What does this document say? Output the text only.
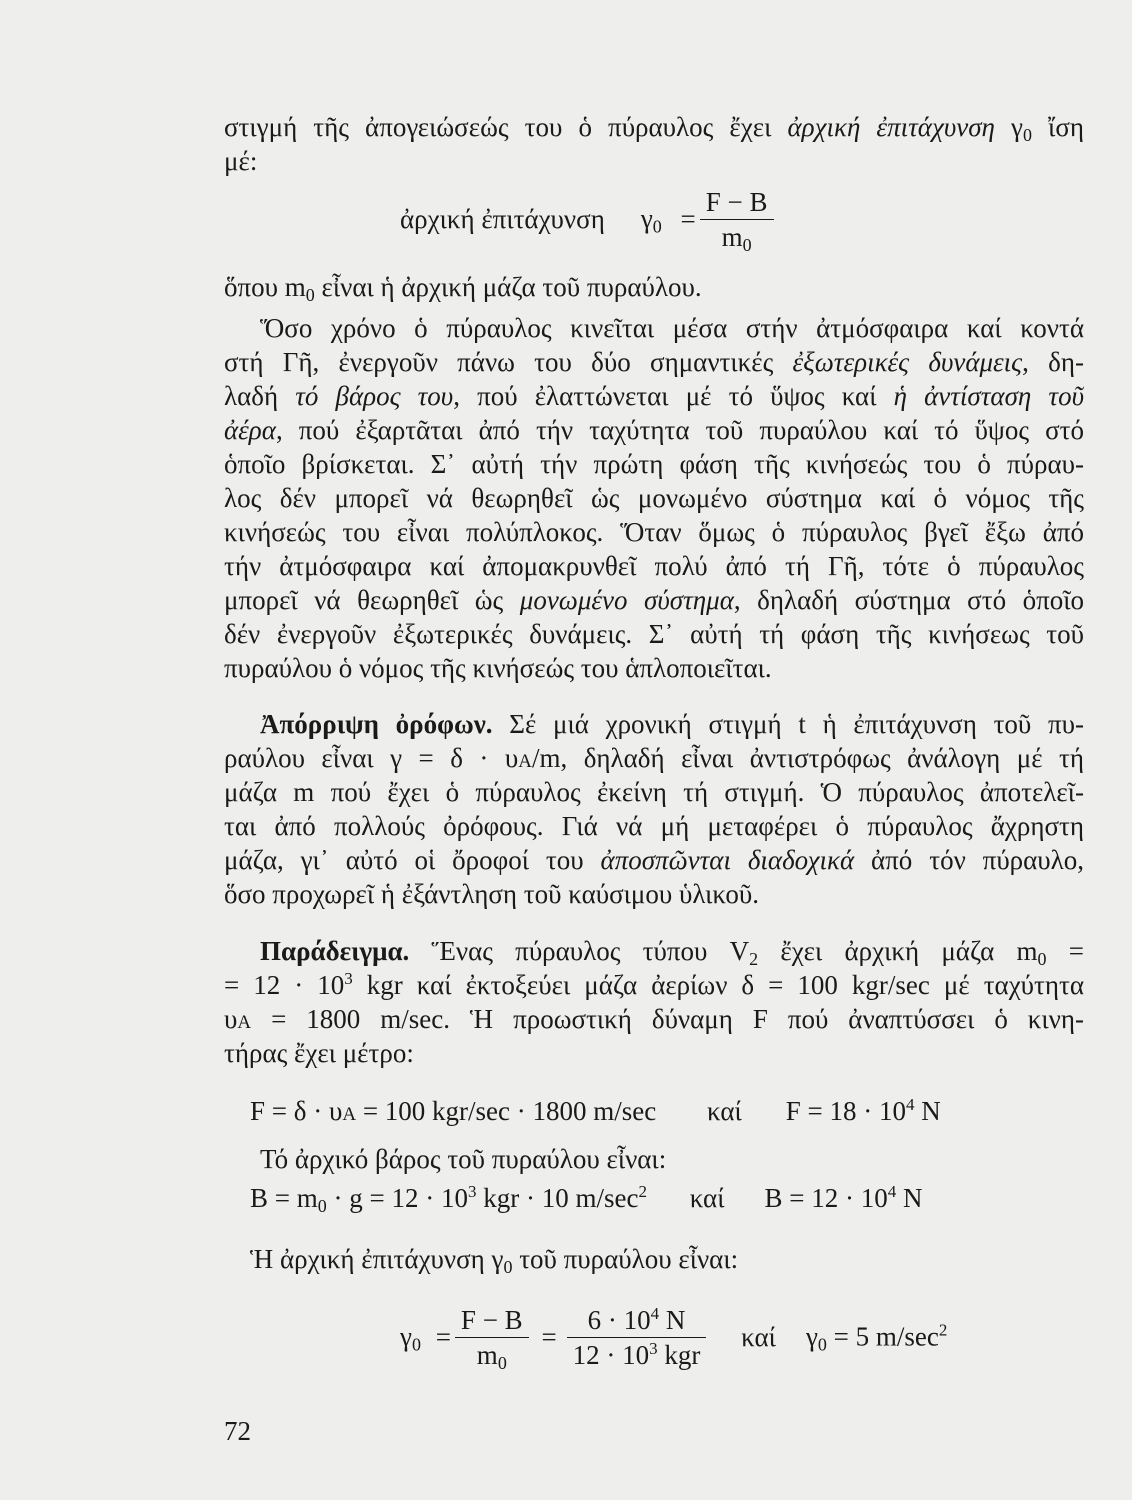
στιγμή τῆς ἀπογειώσεώς του ὁ πύραυλος ἔχει ἀρχική ἐπιτάχυνση $\gamma_0$ ἴση
μέ:
ἀρχική ἐπιτάχυνση $\gamma_0 = \frac{F - B}{m_0}$
ὅπου $m_0$ εἶναι ἡ ἀρχική μάζα τοῦ πυραύλου.
Ὅσο χρόνο ὁ πύραυλος κινεῖται μέσα στήν ἀτμόσφαιρα καί κοντά
στή Γῆ, ἐνεργοῦν πάνω του δύο σημαντικές ἐξωτερικές δυνάμεις, δη-
λαδή τό βάρος του, πού ἐλαττώνεται μέ τό ὕψος καί ἡ ἀντίσταση τοῦ
ἀέρα, πού ἐξαρτᾶται ἀπό τήν ταχύτητα τοῦ πυραύλου καί τό ὕψος στό
ὁποῖο βρίσκεται. Σ᾽ αὐτή τήν πρώτη φάση τῆς κινήσεώς του ὁ πύραυ-
λος δέν μπορεῖ νά θεωρηθεῖ ὡς μονωμένο σύστημα καί ὁ νόμος τῆς
κινήσεώς του εἶναι πολύπλοκος. Ὅταν ὅμως ὁ πύραυλος βγεῖ ἔξω ἀπό
τήν ἀτμόσφαιρα καί ἀπομακρυνθεῖ πολύ ἀπό τή Γῆ, τότε ὁ πύραυλος
μπορεῖ νά θεωρηθεῖ ὡς μονωμένο σύστημα, δηλαδή σύστημα στό ὁποῖο
δέν ἐνεργοῦν ἐξωτερικές δυνάμεις. Σ᾽ αὐτή τή φάση τῆς κινήσεως τοῦ
πυραύλου ὁ νόμος τῆς κινήσεώς του ἁπλοποιεῖται.
Ἀπόρριψη ὀρόφων. Σέ μιά χρονική στιγμή t ἡ ἐπιτάχυνση τοῦ πυ-
ραύλου εἶναι γ = δ · υA/m, δηλαδή εἶναι ἀντιστρόφως ἀνάλογη μέ τή
μάζα m πού ἔχει ὁ πύραυλος ἐκείνη τή στιγμή. Ὁ πύραυλος ἀποτελεῖ-
ται ἀπό πολλούς ὀρόφους. Γιά νά μή μεταφέρει ὁ πύραυλος ἄχρηστη
μάζα, γι᾽ αὐτό οἱ ὄροφοί του ἀποσπῶνται διαδοχικά ἀπό τόν πύραυλο,
ὅσο προχωρεῖ ἡ ἐξάντληση τοῦ καύσιμου ὑλικοῦ.
Παράδειγμα. Ἕνας πύραυλος τύπου $V_2$ ἔχει ἀρχική μάζα $m_0$ =
= $12 \cdot 10^3$ kgr καί ἐκτοξεύει μάζα ἀερίων δ = 100 kgr/sec μέ ταχύτητα
υA = 1800 m/sec. Ἡ προωστική δύναμη F πού ἀναπτύσσει ὁ κινη-
τήρας ἔχει μέτρο:
F = δ · υA = 100 kgr/sec · 1800 m/sec καί $F = 18 \cdot 10^4$ N
Τό ἀρχικό βάρος τοῦ πυραύλου εἶναι:
$B = m_0 \cdot g = 12 \cdot 10^3$ kgr · 10 $m/\sec^2$ καί $B = 12 \cdot 10^4$ N
Ἡ ἀρχική ἐπιτάχυνση $\gamma_0$ τοῦ πυραύλου εἶναι:
$\gamma_0 = \frac{F - B}{m_0} = \frac{6 \cdot 10^4 N}{12 \cdot 10^3 kgr}$ καί $\gamma_0 = 5$ $m/\sec^2$
72
